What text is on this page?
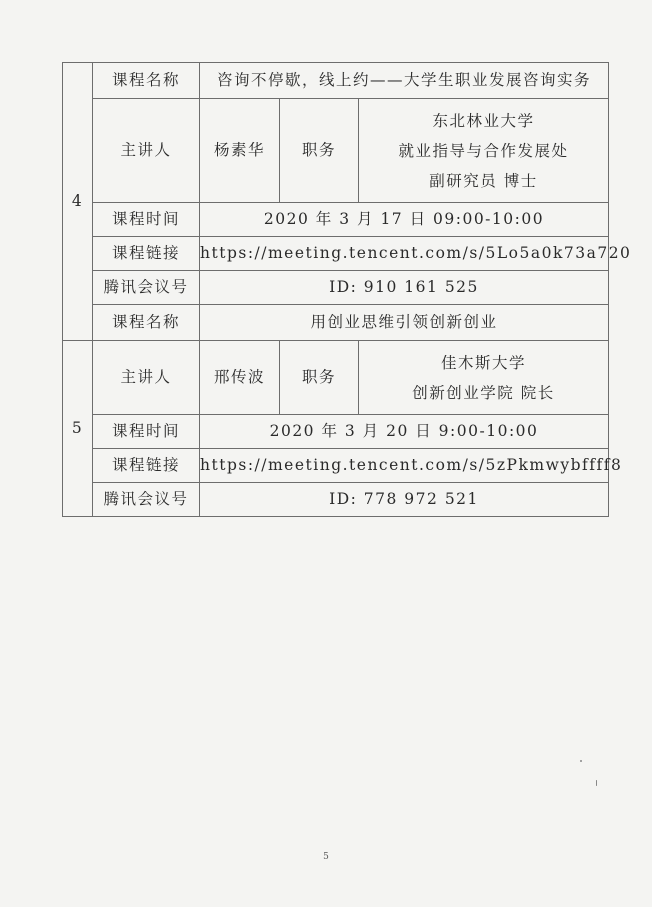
4	课程名称	咨询不停歇，线上约——大学生职业发展咨询实务		
	主讲人	杨素华	职务	东北林业大学
就业指导与合作发展处
副研究员 博士

	课程时间	2020 年 3 月 17 日 09:00-10:00		
	课程链接	https://meeting.tencent.com/s/5Lo5a0k73a720		
	腾讯会议号	ID: 910 161 525		
	课程名称	用创业思维引领创新创业		
5	主讲人	邢传波	职务	佳木斯大学
创新创业学院 院长

	课程时间	2020 年 3 月 20 日 9:00-10:00		
	课程链接	https://meeting.tencent.com/s/5zPkmwybffff8		
	腾讯会议号	ID: 778 972 521		
5
